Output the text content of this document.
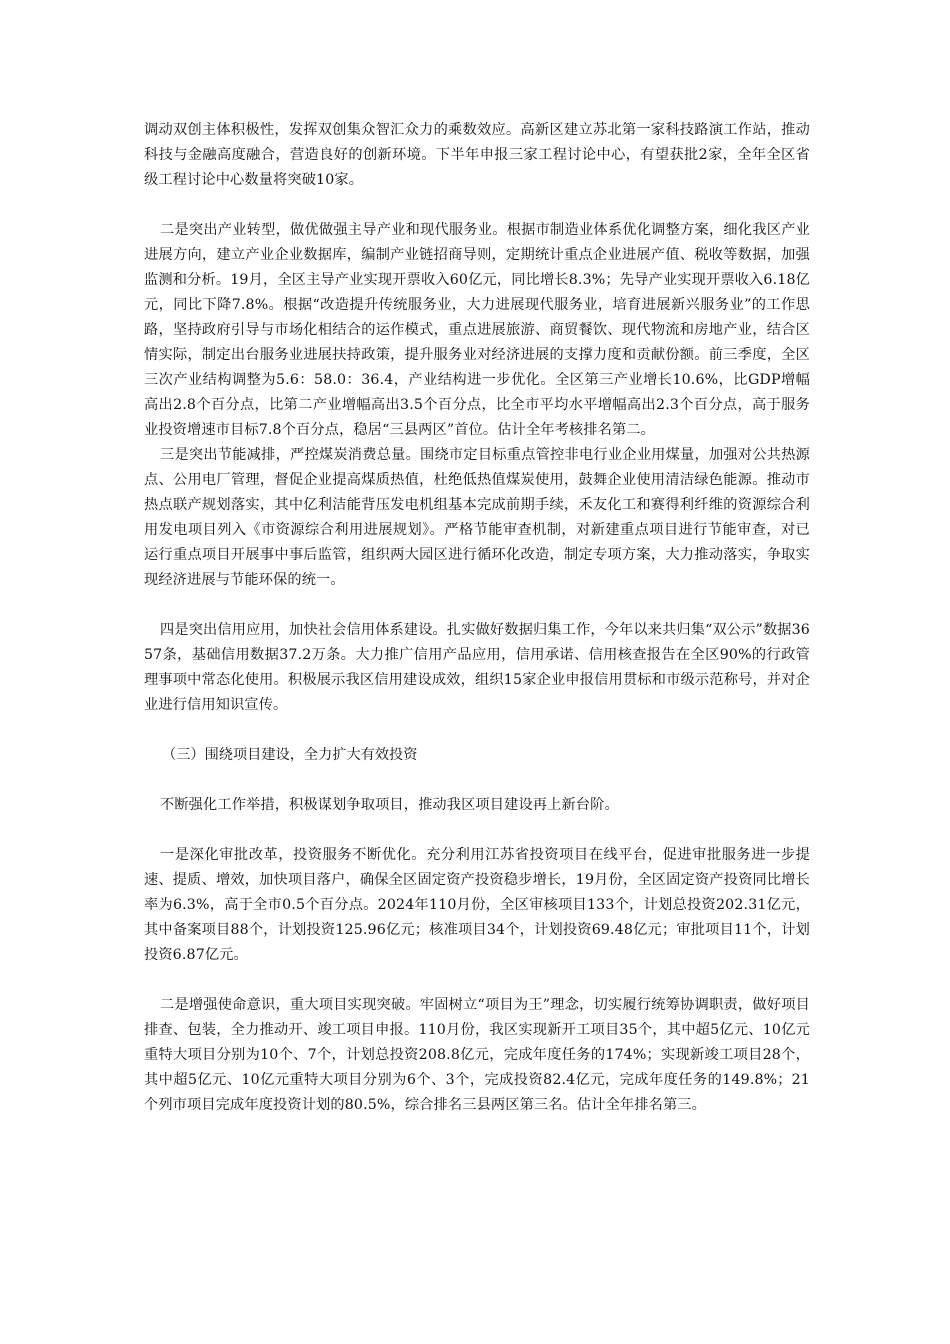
调动双创主体积极性，发挥双创集众智汇众力的乘数效应。高新区建立苏北第一家科技路演工作站，推动科技与金融高度融合，营造良好的创新环境。下半年申报三家工程讨论中心，有望获批2家，全年全区省级工程讨论中心数量将突破10家。

二是突出产业转型，做优做强主导产业和现代服务业。根据市制造业体系优化调整方案，细化我区产业进展方向，建立产业企业数据库，编制产业链招商导则，定期统计重点企业进展产值、税收等数据，加强监测和分析。19月，全区主导产业实现开票收入60亿元，同比增长8.3%；先导产业实现开票收入6.18亿元，同比下降7.8%。根据“改造提升传统服务业，大力进展现代服务业，培育进展新兴服务业”的工作思路，坚持政府引导与市场化相结合的运作模式，重点进展旅游、商贸餐饮、现代物流和房地产业，结合区情实际，制定出台服务业进展扶持政策，提升服务业对经济进展的支撑力度和贡献份额。前三季度，全区三次产业结构调整为5.6：58.0：36.4，产业结构进一步优化。全区第三产业增长10.6%，比GDP增幅高出2.8个百分点，比第二产业增幅高出3.5个百分点，比全市平均水平增幅高出2.3个百分点，高于服务业投资增速市目标7.8个百分点，稳居“三县两区”首位。估计全年考核排名第二。

三是突出节能减排，严控煤炭消费总量。围绕市定目标重点管控非电行业企业用煤量，加强对公共热源点、公用电厂管理，督促企业提高煤质热值，杜绝低热值煤炭使用，鼓舞企业使用清洁绿色能源。推动市热点联产规划落实，其中亿利洁能背压发电机组基本完成前期手续，禾友化工和赛得利纤维的资源综合利用发电项目列入《市资源综合利用进展规划》。严格节能审查机制，对新建重点项目进行节能审查，对已运行重点项目开展事中事后监管，组织两大园区进行循环化改造，制定专项方案，大力推动落实，争取实现经济进展与节能环保的统一。

四是突出信用应用，加快社会信用体系建设。扎实做好数据归集工作，今年以来共归集“双公示”数据3657条，基础信用数据37.2万条。大力推广信用产品应用，信用承诺、信用核查报告在全区90%的行政管理事项中常态化使用。积极展示我区信用建设成效，组织15家企业申报信用贯标和市级示范称号，并对企业进行信用知识宣传。

（三）围绕项目建设，全力扩大有效投资

不断强化工作举措，积极谋划争取项目，推动我区项目建设再上新台阶。

一是深化审批改革，投资服务不断优化。充分利用江苏省投资项目在线平台，促进审批服务进一步提速、提质、增效，加快项目落户，确保全区固定资产投资稳步增长，19月份，全区固定资产投资同比增长率为6.3%，高于全市0.5个百分点。2024年110月份，全区审核项目133个，计划总投资202.31亿元，其中备案项目88个，计划投资125.96亿元；核准项目34个，计划投资69.48亿元；审批项目11个，计划投资6.87亿元。

二是增强使命意识，重大项目实现突破。牢固树立“项目为王”理念，切实履行统筹协调职责，做好项目排查、包装，全力推动开、竣工项目申报。110月份，我区实现新开工项目35个，其中超5亿元、10亿元重特大项目分别为10个、7个，计划总投资208.8亿元，完成年度任务的174%；实现新竣工项目28个，其中超5亿元、10亿元重特大项目分别为6个、3个，完成投资82.4亿元，完成年度任务的149.8%；21个列市项目完成年度投资计划的80.5%，综合排名三县两区第三名。估计全年排名第三。
